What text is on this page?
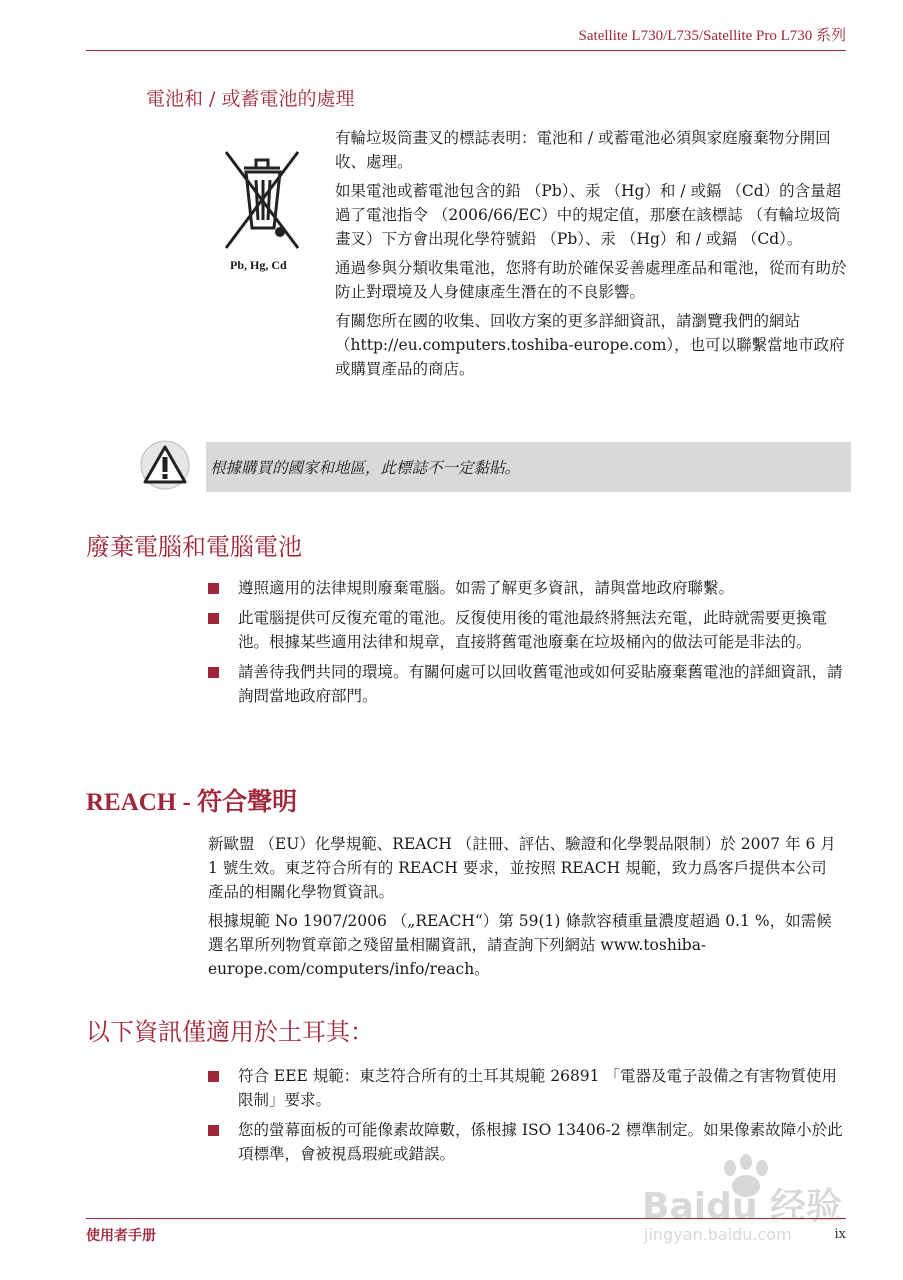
Satellite L730/L735/Satellite Pro L730 系列
電池和 / 或蓄電池的處理
Pb, Hg, Cd

有輪垃圾筒畫叉的標誌表明：電池和 / 或蓄電池必須與家庭廢棄物分開回收、處理。

如果電池或蓄電池包含的鉛 （Pb）、汞 （Hg）和 / 或鎘 （Cd）的含量超過了電池指令 （2006/66/EC）中的規定值，那麼在該標誌 （有輪垃圾筒畫叉）下方會出現化學符號鉛 （Pb）、汞 （Hg）和 / 或鎘 （Cd）。

通過參與分類收集電池，您將有助於確保妥善處理產品和電池，從而有助於防止對環境及人身健康產生潛在的不良影響。

有關您所在國的收集、回收方案的更多詳細資訊，請瀏覽我們的網站 （http://eu.computers.toshiba-europe.com），也可以聯繫當地市政府或購買產品的商店。

根據購買的國家和地區，此標誌不一定黏貼。
廢棄電腦和電腦電池
遵照適用的法律規則廢棄電腦。如需了解更多資訊，請與當地政府聯繫。
此電腦提供可反復充電的電池。反復使用後的電池最終將無法充電，此時就需要更換電池。根據某些適用法律和規章，直接將舊電池廢棄在垃圾桶內的做法可能是非法的。
請善待我們共同的環境。有關何處可以回收舊電池或如何妥貼廢棄舊電池的詳細資訊，請詢問當地政府部門。
REACH - 符合聲明

新歐盟 （EU）化學規範、REACH （註冊、評估、驗證和化學製品限制）於 2007 年 6 月 1 號生效。東芝符合所有的 REACH 要求，並按照 REACH 規範，致力爲客戶提供本公司產品的相關化學物質資訊。

根據規範 No 1907/2006 （„REACH“）第 59(1) 條款容積重量濃度超過 0.1 %，如需候選名單所列物質章節之殘留量相關資訊，請查詢下列網站 www.toshiba-europe.com/computers/info/reach。

以下資訊僅適用於土耳其：
符合 EEE 規範：東芝符合所有的土耳其規範 26891 「電器及電子設備之有害物質使用限制」要求。
您的螢幕面板的可能像素故障數，係根據 ISO 13406-2 標準制定。如果像素故障小於此項標準，會被視爲瑕疵或錯誤。
Baidu 经验
jingyan.baidu.com
使用者手册	ix
